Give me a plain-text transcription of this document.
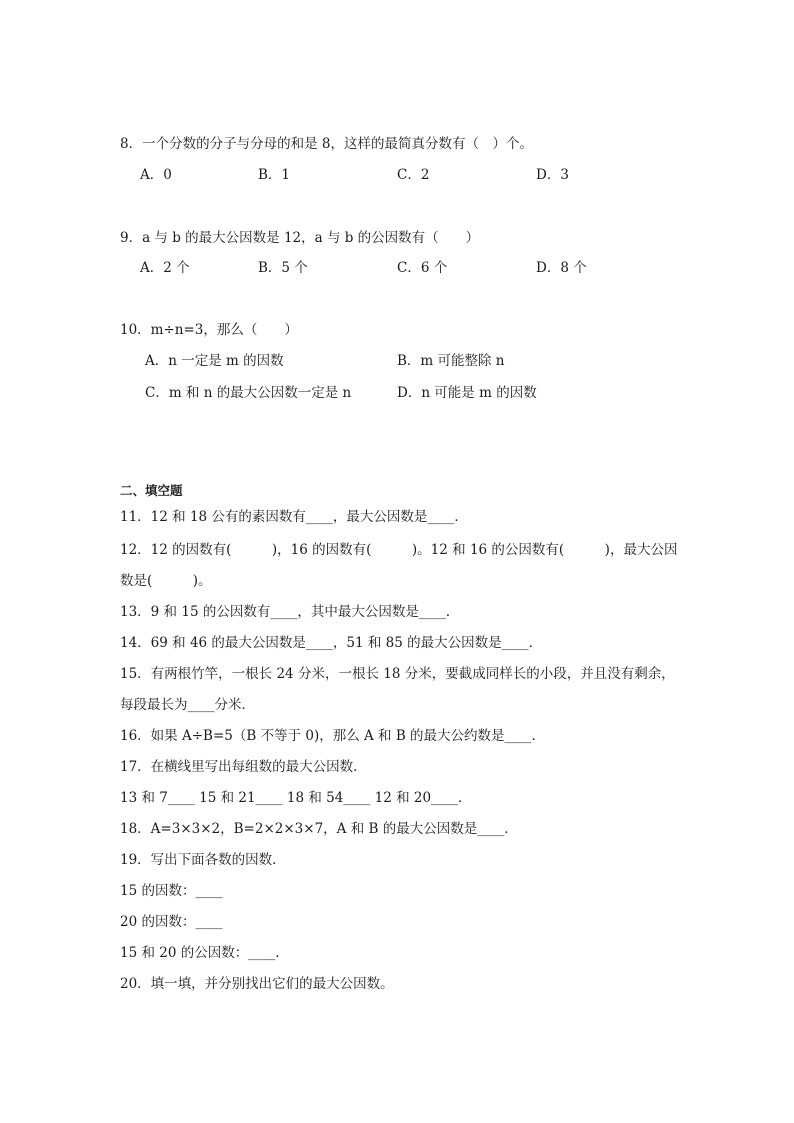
8．一个分数的分子与分母的和是 8，这样的最简真分数有（　）个。
A．0	B．1	C．2	D．3
9．a 与 b 的最大公因数是 12，a 与 b 的公因数有（　　）
A．2 个	B．5 个	C．6 个	D．8 个
10．m÷n=3，那么（　　）
A．n 一定是 m 的因数	B．m 可能整除 n
C．m 和 n 的最大公因数一定是 n	D．n 可能是 m 的因数
二、填空题
11．12 和 18 公有的素因数有____，最大公因数是____．
12．12 的因数有(　　　)，16 的因数有(　　　)。12 和 16 的公因数有(　　　)，最大公因
数是(　　　)。
13．9 和 15 的公因数有____，其中最大公因数是____．
14．69 和 46 的最大公因数是____，51 和 85 的最大公因数是____．
15．有两根竹竿，一根长 24 分米，一根长 18 分米，要截成同样长的小段，并且没有剩余，
每段最长为____分米．
16．如果 A÷B=5（B 不等于 0)，那么 A 和 B 的最大公约数是____．
17．在横线里写出每组数的最大公因数．
13 和 7____ 15 和 21____ 18 和 54____ 12 和 20____．
18．A=3×3×2，B=2×2×3×7，A 和 B 的最大公因数是____．
19．写出下面各数的因数．
15 的因数：____
20 的因数：____
15 和 20 的公因数：____．
20．填一填，并分别找出它们的最大公因数。
